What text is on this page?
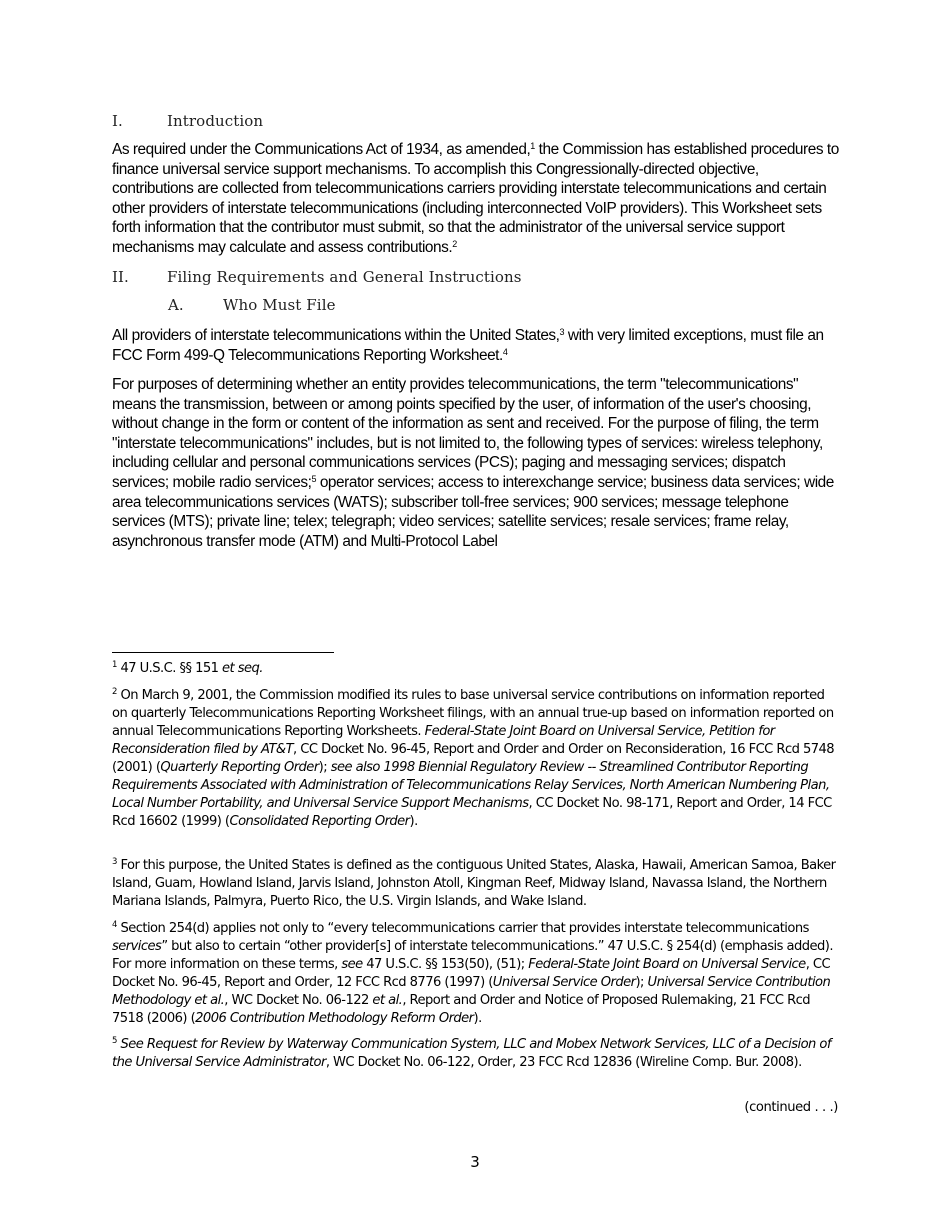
I.	Introduction

As required under the Communications Act of 1934, as amended,$^1$ the Commission has established procedures to finance universal service support mechanisms. To accomplish this Congressionally-directed objective, contributions are collected from telecommunications carriers providing interstate telecommunications and certain other providers of interstate telecommunications (including interconnected VoIP providers). This Worksheet sets forth information that the contributor must submit, so that the administrator of the universal service support mechanisms may calculate and assess contributions.$^2$

II.	Filing Requirements and General Instructions
A.	Who Must File

All providers of interstate telecommunications within the United States,$^3$ with very limited exceptions, must file an FCC Form 499-Q Telecommunications Reporting Worksheet.$^4$

For purposes of determining whether an entity provides telecommunications, the term "telecommunications" means the transmission, between or among points specified by the user, of information of the user's choosing, without change in the form or content of the information as sent and received. For the purpose of filing, the term "interstate telecommunications" includes, but is not limited to, the following types of services: wireless telephony, including cellular and personal communications services (PCS); paging and messaging services; dispatch services; mobile radio services;$^5$ operator services; access to interexchange service; business data services; wide area telecommunications services (WATS); subscriber toll-free services; 900 services; message telephone services (MTS); private line; telex; telegraph; video services; satellite services; resale services; frame relay, asynchronous transfer mode (ATM) and Multi-Protocol Label

$^1$ 47 U.S.C. §§ 151 et seq.

$^2$ On March 9, 2001, the Commission modified its rules to base universal service contributions on information reported on quarterly Telecommunications Reporting Worksheet filings, with an annual true-up based on information reported on annual Telecommunications Reporting Worksheets. Federal-State Joint Board on Universal Service, Petition for Reconsideration filed by AT&T, CC Docket No. 96-45, Report and Order and Order on Reconsideration, 16 FCC Rcd 5748 (2001) (Quarterly Reporting Order); see also 1998 Biennial Regulatory Review -- Streamlined Contributor Reporting Requirements Associated with Administration of Telecommunications Relay Services, North American Numbering Plan, Local Number Portability, and Universal Service Support Mechanisms, CC Docket No. 98-171, Report and Order, 14 FCC Rcd 16602 (1999) (Consolidated Reporting Order).

$^3$ For this purpose, the United States is defined as the contiguous United States, Alaska, Hawaii, American Samoa, Baker Island, Guam, Howland Island, Jarvis Island, Johnston Atoll, Kingman Reef, Midway Island, Navassa Island, the Northern Mariana Islands, Palmyra, Puerto Rico, the U.S. Virgin Islands, and Wake Island.

$^4$ Section 254(d) applies not only to “every telecommunications carrier that provides interstate telecommunications services” but also to certain “other provider[s] of interstate telecommunications.” 47 U.S.C. § 254(d) (emphasis added). For more information on these terms, see 47 U.S.C. §§ 153(50), (51); Federal-State Joint Board on Universal Service, CC Docket No. 96-45, Report and Order, 12 FCC Rcd 8776 (1997) (Universal Service Order); Universal Service Contribution Methodology et al., WC Docket No. 06-122 et al., Report and Order and Notice of Proposed Rulemaking, 21 FCC Rcd 7518 (2006) (2006 Contribution Methodology Reform Order).

$^5$ See Request for Review by Waterway Communication System, LLC and Mobex Network Services, LLC of a Decision of the Universal Service Administrator, WC Docket No. 06-122, Order, 23 FCC Rcd 12836 (Wireline Comp. Bur. 2008).

(continued . . .)
3
